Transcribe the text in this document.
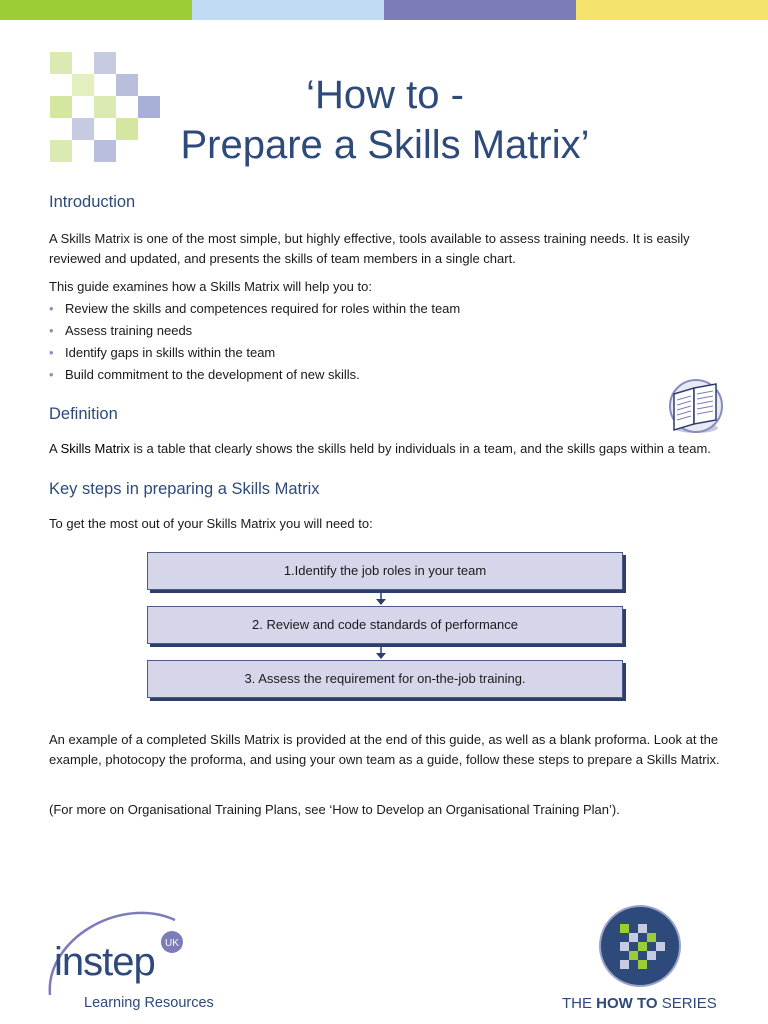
‘How to -
Prepare a Skills Matrix’
Introduction
A Skills Matrix is one of the most simple, but highly effective, tools available to assess training needs. It is easily reviewed and updated, and presents the skills of team members in a single chart.
This guide examines how a Skills Matrix will help you to:
• Review the skills and competences required for roles within the team
• Assess training needs
• Identify gaps in skills within the team
• Build commitment to the development of new skills.
Definition
A Skills Matrix is a table that clearly shows the skills held by individuals in a team, and the skills gaps within a team.
Key steps in preparing a Skills Matrix
To get the most out of your Skills Matrix you will need to:
1.Identify the job roles in your team
2. Review and code standards of performance
3. Assess the requirement for on-the-job training.
An example of a completed Skills Matrix is provided at the end of this guide, as well as a blank proforma. Look at the example, photocopy the proforma, and using your own team as a guide, follow these steps to prepare a Skills Matrix.
(For more on Organisational Training Plans, see ‘How to Develop an Organisational Training Plan’).
UK
instep
Learning Resources	THE HOW TO SERIES
